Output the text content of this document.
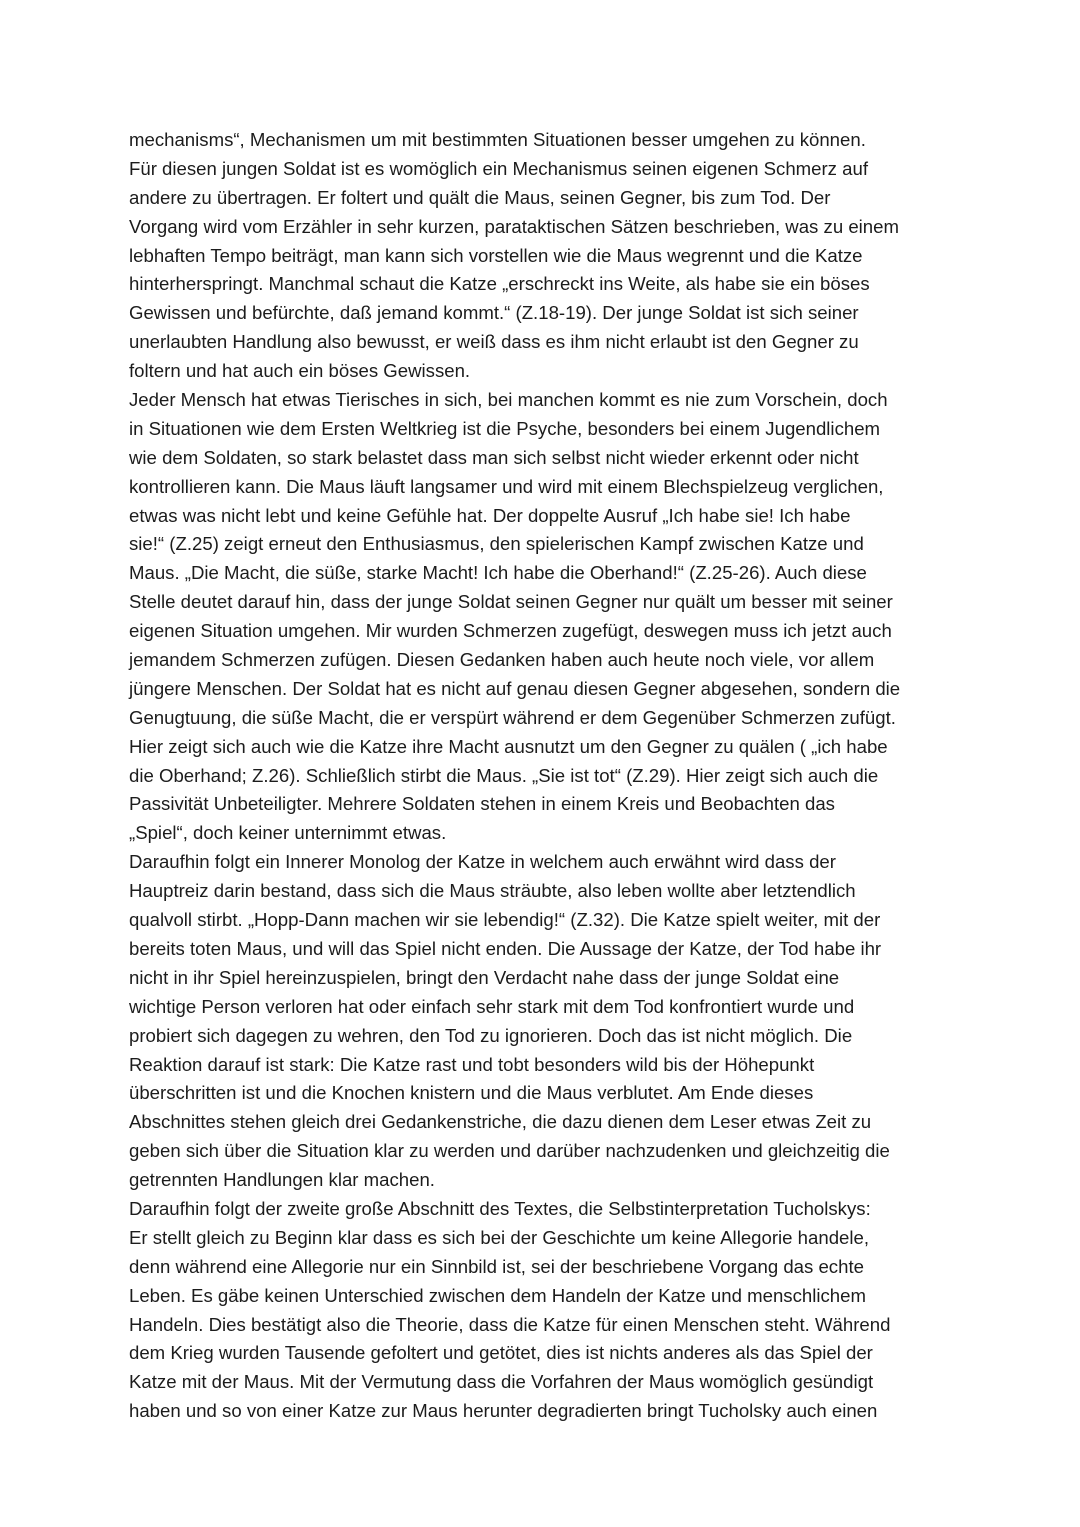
mechanisms“, Mechanismen um mit bestimmten Situationen besser umgehen zu können.
Für diesen jungen Soldat ist es womöglich ein Mechanismus seinen eigenen Schmerz auf
andere zu übertragen. Er foltert und quält die Maus, seinen Gegner, bis zum Tod. Der
Vorgang wird vom Erzähler in sehr kurzen, parataktischen Sätzen beschrieben, was zu einem
lebhaften Tempo beiträgt, man kann sich vorstellen wie die Maus wegrennt und die Katze
hinterherspringt. Manchmal schaut die Katze „erschreckt ins Weite, als habe sie ein böses
Gewissen und befürchte, daß jemand kommt.“ (Z.18-19). Der junge Soldat ist sich seiner
unerlaubten Handlung also bewusst, er weiß dass es ihm nicht erlaubt ist den Gegner zu
foltern und hat auch ein böses Gewissen.
Jeder Mensch hat etwas Tierisches in sich, bei manchen kommt es nie zum Vorschein, doch
in Situationen wie dem Ersten Weltkrieg ist die Psyche, besonders bei einem Jugendlichem
wie dem Soldaten, so stark belastet dass man sich selbst nicht wieder erkennt oder nicht
kontrollieren kann. Die Maus läuft langsamer und wird mit einem Blechspielzeug verglichen,
etwas was nicht lebt und keine Gefühle hat. Der doppelte Ausruf „Ich habe sie! Ich habe
sie!“ (Z.25) zeigt erneut den Enthusiasmus, den spielerischen Kampf zwischen Katze und
Maus. „Die Macht, die süße, starke Macht! Ich habe die Oberhand!“ (Z.25-26). Auch diese
Stelle deutet darauf hin, dass der junge Soldat seinen Gegner nur quält um besser mit seiner
eigenen Situation umgehen. Mir wurden Schmerzen zugefügt, deswegen muss ich jetzt auch
jemandem Schmerzen zufügen. Diesen Gedanken haben auch heute noch viele, vor allem
jüngere Menschen. Der Soldat hat es nicht auf genau diesen Gegner abgesehen, sondern die
Genugtuung, die süße Macht, die er verspürt während er dem Gegenüber Schmerzen zufügt.
Hier zeigt sich auch wie die Katze ihre Macht ausnutzt um den Gegner zu quälen ( „ich habe
die Oberhand; Z.26). Schließlich stirbt die Maus. „Sie ist tot“ (Z.29). Hier zeigt sich auch die
Passivität Unbeteiligter. Mehrere Soldaten stehen in einem Kreis und Beobachten das
„Spiel“, doch keiner unternimmt etwas.
Daraufhin folgt ein Innerer Monolog der Katze in welchem auch erwähnt wird dass der
Hauptreiz darin bestand, dass sich die Maus sträubte, also leben wollte aber letztendlich
qualvoll stirbt. „Hopp-Dann machen wir sie lebendig!“ (Z.32). Die Katze spielt weiter, mit der
bereits toten Maus, und will das Spiel nicht enden. Die Aussage der Katze, der Tod habe ihr
nicht in ihr Spiel hereinzuspielen, bringt den Verdacht nahe dass der junge Soldat eine
wichtige Person verloren hat oder einfach sehr stark mit dem Tod konfrontiert wurde und
probiert sich dagegen zu wehren, den Tod zu ignorieren. Doch das ist nicht möglich. Die
Reaktion darauf ist stark: Die Katze rast und tobt besonders wild bis der Höhepunkt
überschritten ist und die Knochen knistern und die Maus verblutet. Am Ende dieses
Abschnittes stehen gleich drei Gedankenstriche, die dazu dienen dem Leser etwas Zeit zu
geben sich über die Situation klar zu werden und darüber nachzudenken und gleichzeitig die
getrennten Handlungen klar machen.
Daraufhin folgt der zweite große Abschnitt des Textes, die Selbstinterpretation Tucholskys:
Er stellt gleich zu Beginn klar dass es sich bei der Geschichte um keine Allegorie handele,
denn während eine Allegorie nur ein Sinnbild ist, sei der beschriebene Vorgang das echte
Leben. Es gäbe keinen Unterschied zwischen dem Handeln der Katze und menschlichem
Handeln. Dies bestätigt also die Theorie, dass die Katze für einen Menschen steht. Während
dem Krieg wurden Tausende gefoltert und getötet, dies ist nichts anderes als das Spiel der
Katze mit der Maus. Mit der Vermutung dass die Vorfahren der Maus womöglich gesündigt
haben und so von einer Katze zur Maus herunter degradierten bringt Tucholsky auch einen
